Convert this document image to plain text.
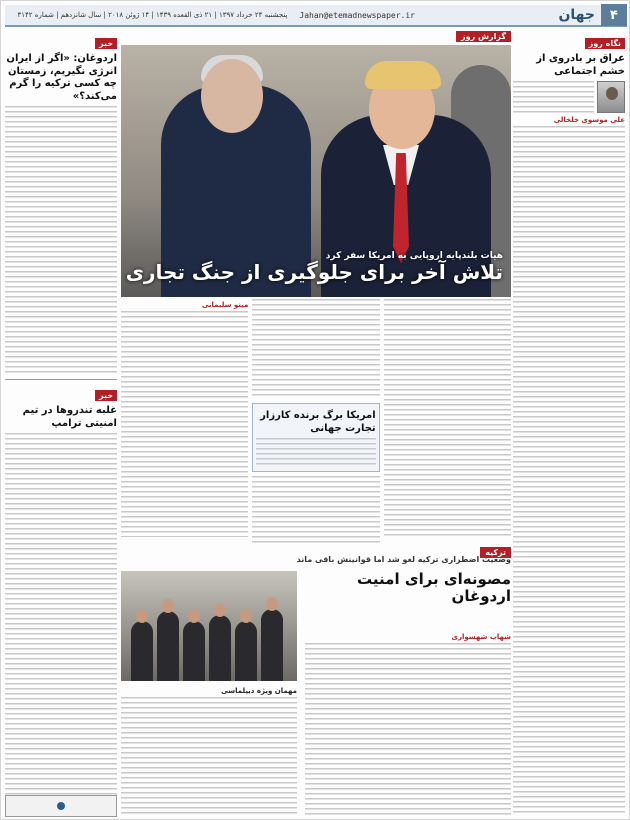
۴
جهان
Jahan@etemadnewspaper.ir
پنجشنبه ۲۴ خرداد ۱۳۹۷ | ۲۱ ذی القعده ۱۴۳۹ | ۱۴ ژوئن ۲۰۱۸ | سال شانزدهم | شماره ۴۱۴۲
نگاه روز
عراق بر بادروی از خشم اجتماعی
علی موسوی خلخالی
خبر
اردوغان: «اگر از ایران انرژی نگیریم، زمستان چه کسی ترکیه را گرم می‌کند؟»
خبر
غلبه تندروها در تیم امنیتی ترامپ
گزارش روز
هیات بلندپایه اروپایی به امریکا سفر کرد
تلاش آخر برای جلوگیری از جنگ تجاری
امریکا برگ برنده کارزار تجارت جهانی
مینو سلیمانی
ترکیه
وضعیت اضطراری ترکیه لغو شد اما قوانینش باقی ماند
مصونه‌ای برای امنیت اردوغان
مهمان ویژه دیپلماسی
شهاب شهسواری
